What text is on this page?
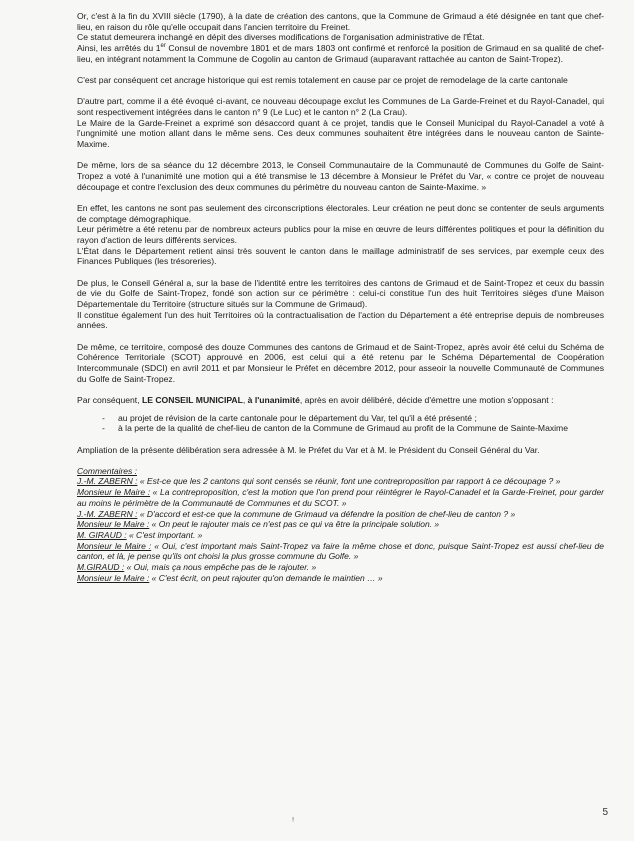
Or, c'est à la fin du XVIII siècle (1790), à la date de création des cantons, que la Commune de Grimaud a été désignée en tant que chef-lieu, en raison du rôle qu'elle occupait dans l'ancien territoire du Freinet.

Ce statut demeurera inchangé en dépit des diverses modifications de l'organisation administrative de l'État.

Ainsi, les arrêtés du 1er Consul de novembre 1801 et de mars 1803 ont confirmé et renforcé la position de Grimaud en sa qualité de chef-lieu, en intégrant notamment la Commune de Cogolin au canton de Grimaud (auparavant rattachée au canton de Saint-Tropez).

C'est par conséquent cet ancrage historique qui est remis totalement en cause par ce projet de remodelage de la carte cantonale

D'autre part, comme il a été évoqué ci-avant, ce nouveau découpage exclut les Communes de La Garde-Freinet et du Rayol-Canadel, qui sont respectivement intégrées dans le canton n° 9 (Le Luc) et le canton n° 2 (La Crau).

Le Maire de la Garde-Freinet a exprimé son désaccord quant à ce projet, tandis que le Conseil Municipal du Rayol-Canadel a voté à l'ungnimité une motion allant dans le même sens. Ces deux communes souhaitent être intégrées dans le nouveau canton de Sainte-Maxime.

De même, lors de sa séance du 12 décembre 2013, le Conseil Communautaire de la Communauté de Communes du Golfe de Saint-Tropez a voté à l'unanimité une motion qui a été transmise le 13 décembre à Monsieur le Préfet du Var, « contre ce projet de nouveau découpage et contre l'exclusion des deux communes du périmètre du nouveau canton de Sainte-Maxime. »

En effet, les cantons ne sont pas seulement des circonscriptions électorales. Leur création ne peut donc se contenter de seuls arguments de comptage démographique.

Leur périmètre a été retenu par de nombreux acteurs publics pour la mise en œuvre de leurs différentes politiques et pour la définition du rayon d'action de leurs différents services.

L'État dans le Département retient ainsi très souvent le canton dans le maillage administratif de ses services, par exemple ceux des Finances Publiques (les trésoreries).

De plus, le Conseil Général a, sur la base de l'identité entre les territoires des cantons de Grimaud et de Saint-Tropez et ceux du bassin de vie du Golfe de Saint-Tropez, fondé son action sur ce périmètre : celui-ci constitue l'un des huit Territoires sièges d'une Maison Départementale du Territoire (structure situés sur la Commune de Grimaud).

Il constitue également l'un des huit Territoires où la contractualisation de l'action du Département a été entreprise depuis de nombreuses années.

De même, ce territoire, composé des douze Communes des cantons de Grimaud et de Saint-Tropez, après avoir été celui du Schéma de Cohérence Territoriale (SCOT) approuvé en 2006, est celui qui a été retenu par le Schéma Départemental de Coopération Intercommunale (SDCI) en avril 2011 et par Monsieur le Préfet en décembre 2012, pour asseoir la nouvelle Communauté de Communes du Golfe de Saint-Tropez.

Par conséquent, LE CONSEIL MUNICIPAL, à l'unanimité, après en avoir délibéré, décide d'émettre une motion s'opposant :

- au projet de révision de la carte cantonale pour le département du Var, tel qu'il a été présenté ;
- à la perte de la qualité de chef-lieu de canton de la Commune de Grimaud au profit de la Commune de Sainte-Maxime

Ampliation de la présente délibération sera adressée à M. le Préfet du Var et à M. le Président du Conseil Général du Var.

Commentaires :
J.-M. ZABERN : « Est-ce que les 2 cantons qui sont censés se réunir, font une contreproposition par rapport à ce découpage ? »
Monsieur le Maire : « La contreproposition, c'est la motion que l'on prend pour réintégrer le Rayol-Canadel et la Garde-Freinet, pour garder au moins le périmètre de la Communauté de Communes et du SCOT. »
J.-M. ZABERN : « D'accord et est-ce que la commune de Grimaud va défendre la position de chef-lieu de canton ? »
Monsieur le Maire : « On peut le rajouter mais ce n'est pas ce qui va être la principale solution. »
M. GIRAUD : « C'est important. »
Monsieur le Maire : « Oui, c'est important mais Saint-Tropez va faire la même chose et donc, puisque Saint-Tropez est aussi chef-lieu de canton, et là, je pense qu'ils ont choisi la plus grosse commune du Golfe. »
M.GIRAUD : « Oui, mais ça nous empêche pas de le rajouter. »
Monsieur le Maire : « C'est écrit, on peut rajouter qu'on demande le maintien … »
ⵑ
5
